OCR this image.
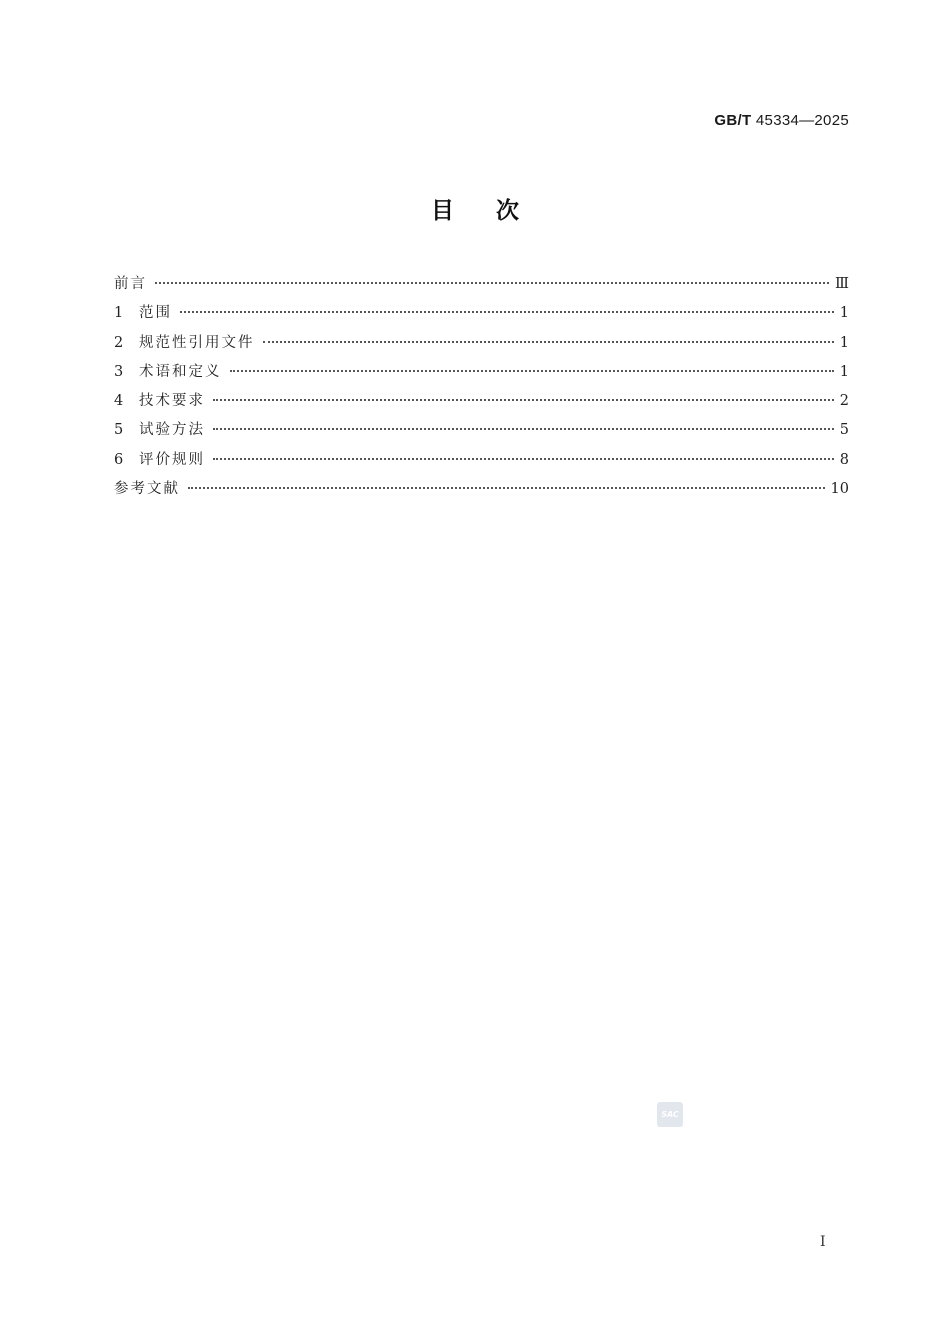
GB/T 45334—2025
目次
前言	Ⅲ
1	范围	1
2	规范性引用文件	1
3	术语和定义	1
4	技术要求	2
5	试验方法	5
6	评价规则	8
参考文献	10
SAC
I
